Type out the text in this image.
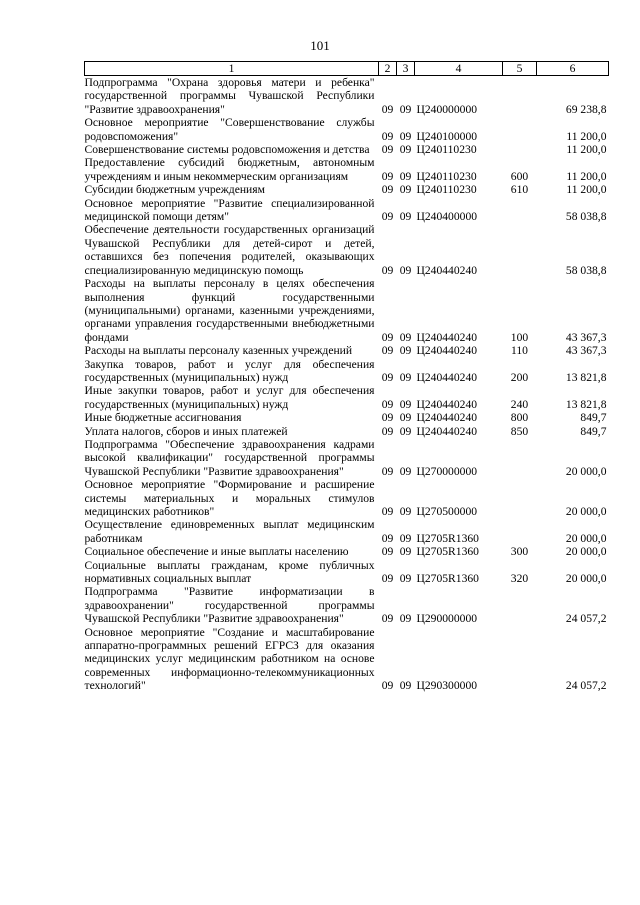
101
1	2	3	4	5	6
Подпрограмма "Охрана здоровья матери и ребенка" государственной программы Чувашской Республики "Развитие здравоохранения"	09	09	Ц240000000		69 238,8
Основное мероприятие "Совершенствование службы родовспоможения"	09	09	Ц240100000		11 200,0
Совершенствование системы родовспоможения и детства	09	09	Ц240110230		11 200,0
Предоставление субсидий бюджетным, автономным учреждениям и иным некоммерческим организациям	09	09	Ц240110230	600	11 200,0
Субсидии бюджетным учреждениям	09	09	Ц240110230	610	11 200,0
Основное мероприятие "Развитие специализированной медицинской помощи детям"	09	09	Ц240400000		58 038,8
Обеспечение деятельности государственных организаций Чувашской Республики для детей-сирот и детей, оставшихся без попечения родителей, оказывающих специализированную медицинскую помощь	09	09	Ц240440240		58 038,8
Расходы на выплаты персоналу в целях обеспечения выполнения функций государственными (муниципальными) органами, казенными учреждениями, органами управления государственными внебюджетными фондами	09	09	Ц240440240	100	43 367,3
Расходы на выплаты персоналу казенных учреждений	09	09	Ц240440240	110	43 367,3
Закупка товаров, работ и услуг для обеспечения государственных (муниципальных) нужд	09	09	Ц240440240	200	13 821,8
Иные закупки товаров, работ и услуг для обеспечения государственных (муниципальных) нужд	09	09	Ц240440240	240	13 821,8
Иные бюджетные ассигнования	09	09	Ц240440240	800	849,7
Уплата налогов, сборов и иных платежей	09	09	Ц240440240	850	849,7
Подпрограмма "Обеспечение здравоохранения кадрами высокой квалификации" государственной программы Чувашской Республики "Развитие здравоохранения"	09	09	Ц270000000		20 000,0
Основное мероприятие "Формирование и расширение системы материальных и моральных стимулов медицинских работников"	09	09	Ц270500000		20 000,0
Осуществление единовременных выплат медицинским работникам	09	09	Ц2705R1360		20 000,0
Социальное обеспечение и иные выплаты населению	09	09	Ц2705R1360	300	20 000,0
Социальные выплаты гражданам, кроме публичных нормативных социальных выплат	09	09	Ц2705R1360	320	20 000,0
Подпрограмма "Развитие информатизации в здравоохранении" государственной программы Чувашской Республики "Развитие здравоохранения"	09	09	Ц290000000		24 057,2
Основное мероприятие "Создание и масштабирование аппаратно-программных решений ЕГРСЗ для оказания медицинских услуг медицинским работником на основе современных информационно-телекоммуникационных технологий"	09	09	Ц290300000		24 057,2
